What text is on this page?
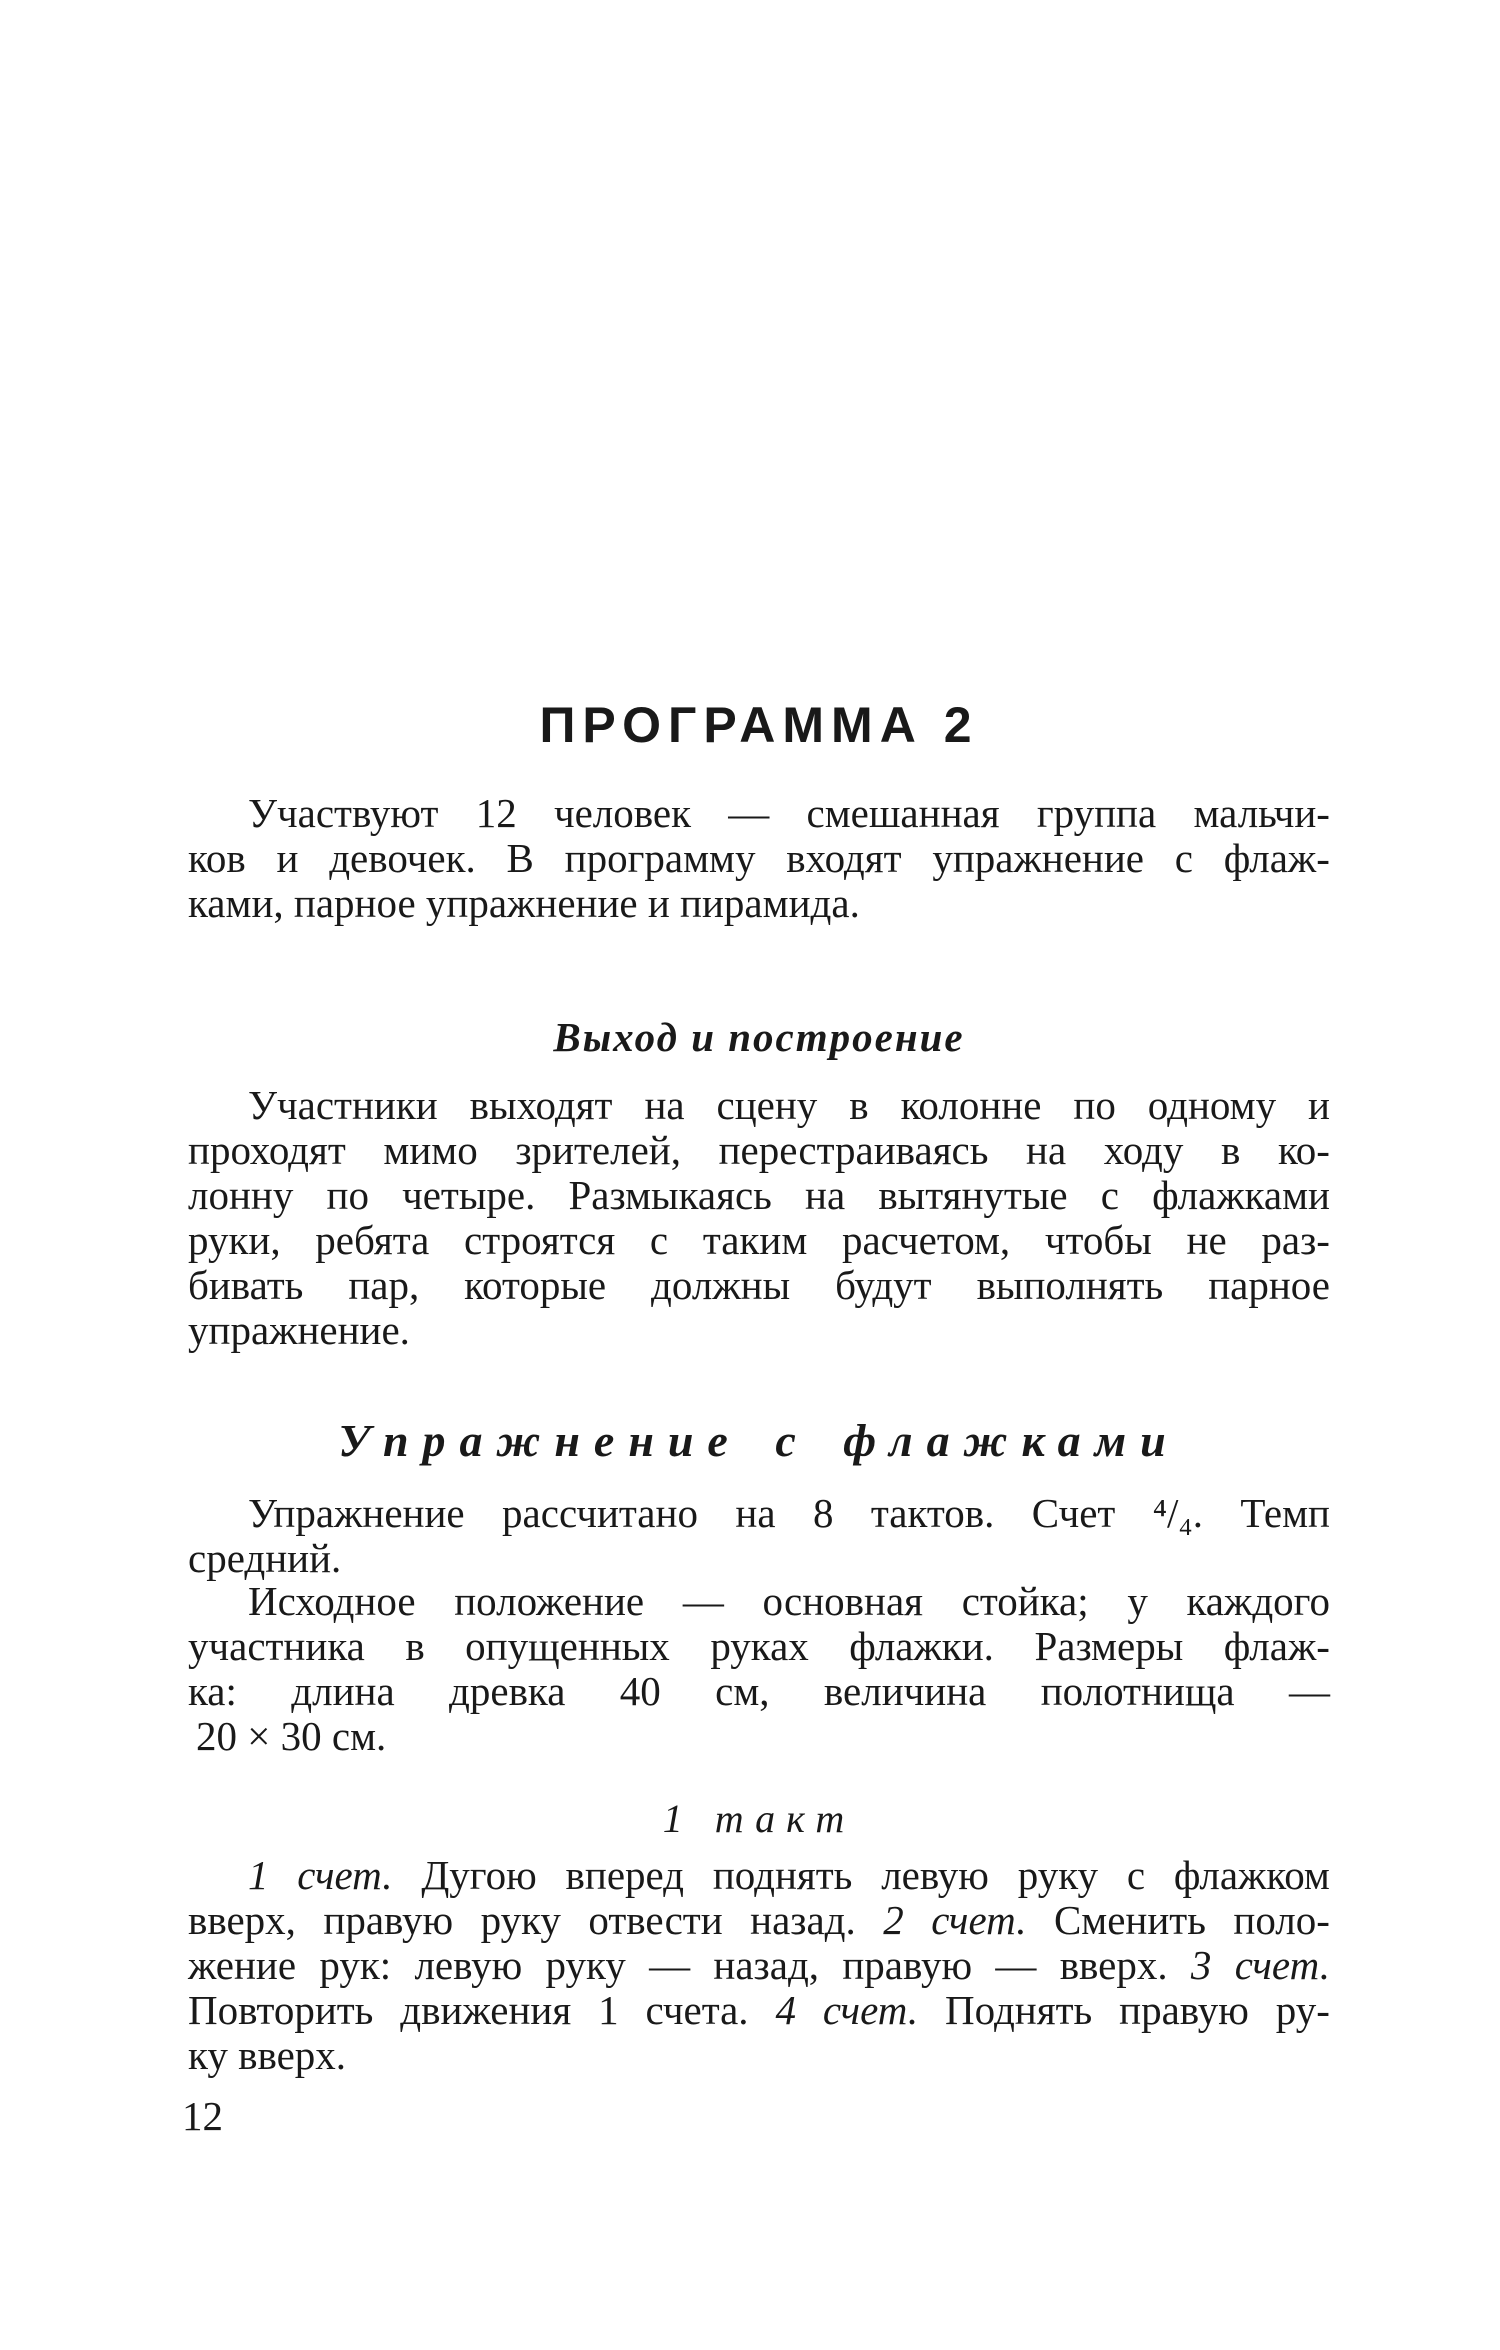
ПРОГРАММА 2
Участвуют 12 человек — смешанная группа мальчи-
ков и девочек. В программу входят упражнение с флаж-
ками, парное упражнение и пирамида.
Выход и построение
Участники выходят на сцену в колонне по одному и
проходят мимо зрителей, перестраиваясь на ходу в ко-
лонну по четыре. Размыкаясь на вытянутые с флажками
руки, ребята строятся с таким расчетом, чтобы не раз-
бивать пар, которые должны будут выполнять парное
упражнение.
Упражнение с флажками
Упражнение рассчитано на 8 тактов. Счет ⁴/₄. Темп
средний.
Исходное положение — основная стойка; у каждого
участника в опущенных руках флажки. Размеры флаж-
ка: длина древка 40 см, величина полотнища —
20 × 30 см.
1 такт
1 счет. Дугою вперед поднять левую руку с флажком
вверх, правую руку отвести назад. 2 счет. Сменить поло-
жение рук: левую руку — назад, правую — вверх. 3 счет.
Повторить движения 1 счета. 4 счет. Поднять правую ру-
ку вверх.
12
